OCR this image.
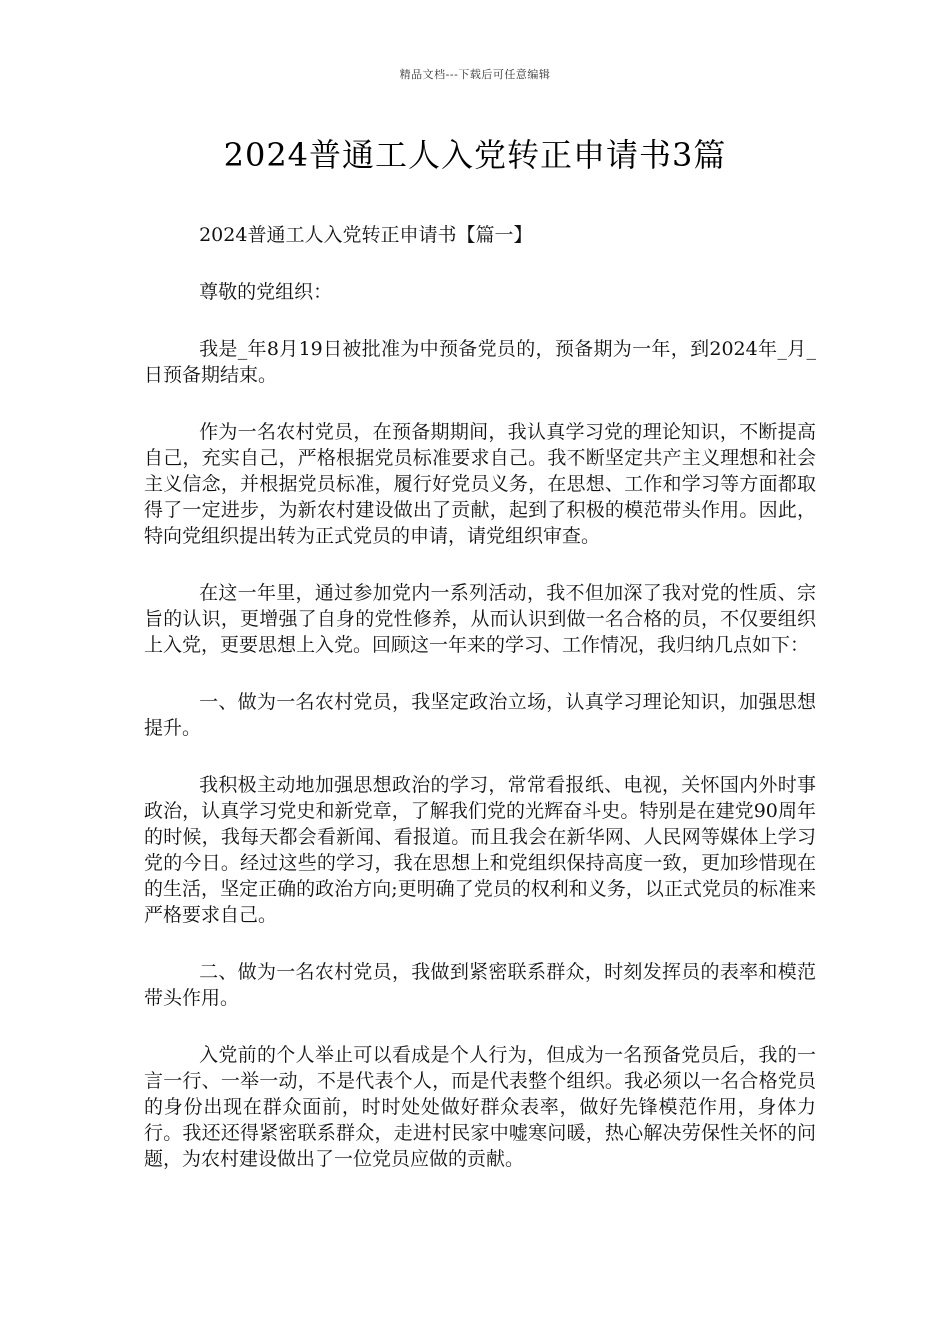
精品文档---下载后可任意编辑
2024普通工人入党转正申请书3篇

2024普通工人入党转正申请书【篇一】

尊敬的党组织：

我是_年8月19日被批准为中预备党员的，预备期为一年，到2024年_月_日预备期结束。

作为一名农村党员，在预备期期间，我认真学习党的理论知识，不断提高自己，充实自己，严格根据党员标准要求自己。我不断坚定共产主义理想和社会主义信念，并根据党员标准，履行好党员义务，在思想、工作和学习等方面都取得了一定进步，为新农村建设做出了贡献，起到了积极的模范带头作用。因此，特向党组织提出转为正式党员的申请，请党组织审查。

在这一年里，通过参加党内一系列活动，我不但加深了我对党的性质、宗旨的认识，更增强了自身的党性修养，从而认识到做一名合格的员，不仅要组织上入党，更要思想上入党。回顾这一年来的学习、工作情况，我归纳几点如下：

一、做为一名农村党员，我坚定政治立场，认真学习理论知识，加强思想提升。

我积极主动地加强思想政治的学习，常常看报纸、电视，关怀国内外时事政治，认真学习党史和新党章，了解我们党的光辉奋斗史。特别是在建党90周年的时候，我每天都会看新闻、看报道。而且我会在新华网、人民网等媒体上学习党的今日。经过这些的学习，我在思想上和党组织保持高度一致，更加珍惜现在的生活，坚定正确的政治方向;更明确了党员的权利和义务，以正式党员的标准来严格要求自己。

二、做为一名农村党员，我做到紧密联系群众，时刻发挥员的表率和模范带头作用。

入党前的个人举止可以看成是个人行为，但成为一名预备党员后，我的一言一行、一举一动，不是代表个人，而是代表整个组织。我必须以一名合格党员的身份出现在群众面前，时时处处做好群众表率，做好先锋模范作用，身体力行。我还还得紧密联系群众，走进村民家中嘘寒问暖，热心解决劳保性关怀的问题，为农村建设做出了一位党员应做的贡献。
